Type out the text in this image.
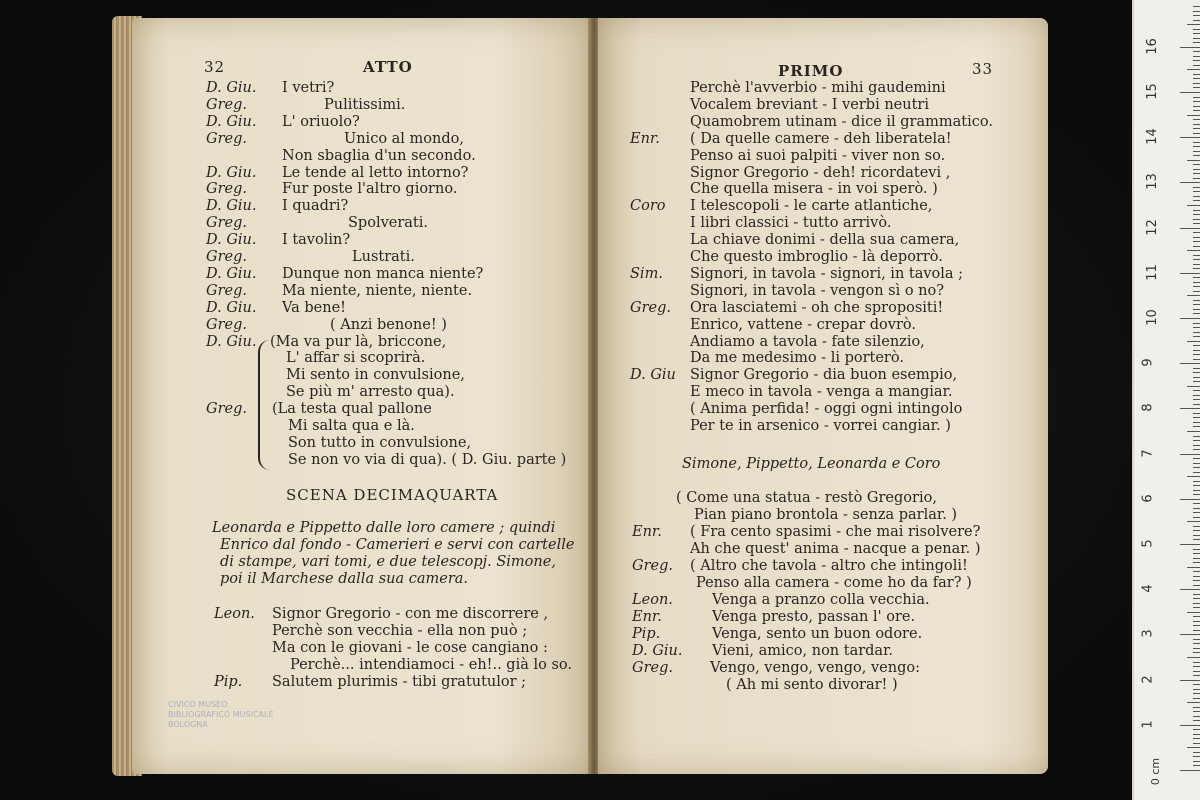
32	ATTO
D. Giu. I vetri?
Greg.	Pulitissimi.
D. Giu. L' oriuolo?
Greg.	Unico al mondo,
Non sbaglia d'un secondo.
D. Giu. Le tende al letto intorno?
Greg. Fur poste l'altro giorno.
D. Giu. I quadri?
Greg.	Spolverati.
D. Giu. I tavolin?
Greg.	Lustrati.
D. Giu. Dunque non manca niente?
Greg. Ma niente, niente, niente.
D. Giu. Va bene!
Greg.	( Anzi benone! )
D. Giu. (Ma va pur là, briccone,
L' affar si scoprirà.
Mi sento in convulsione,
Se più m' arresto qua).
Greg. (La testa qual pallone
Mi salta qua e là.
Son tutto in convulsione,
Se non vo via di qua). ( D. Giu. parte )
SCENA DECIMAQUARTA
Leonarda e Pippetto dalle loro camere ; quindi
Enrico dal fondo - Camerieri e servi con cartelle
di stampe, vari tomi, e due telescopj. Simone,
poi il Marchese dalla sua camera.
Leon. Signor Gregorio - con me discorrere ,
Perchè son vecchia - ella non può ;
Ma con le giovani - le cose cangiano :
Perchè... intendiamoci - eh!.. già lo so.
Pip. Salutem plurimis - tibi gratutulor ;
CIVICO MUSEO
BIBLIOGRAFICO MUSICALE
BOLOGNA
PRIMO	33
Perchè l'avverbio - mihi gaudemini
Vocalem breviant - I verbi neutri
Quamobrem utinam - dice il grammatico.
Enr. ( Da quelle camere - deh liberatela!
Penso ai suoi palpiti - viver non so.
Signor Gregorio - deh! ricordatevi ,
Che quella misera - in voi sperò. )
Coro I telescopoli - le carte atlantiche,
I libri classici - tutto arrivò.
La chiave donimi - della sua camera,
Che questo imbroglio - là deporrò.
Sim. Signori, in tavola - signori, in tavola ;
Signori, in tavola - vengon sì o no?
Greg. Ora lasciatemi - oh che spropositi!
Enrico, vattene - crepar dovrò.
Andiamo a tavola - fate silenzio,
Da me medesimo - li porterò.
D. Giu Signor Gregorio - dia buon esempio,
E meco in tavola - venga a mangiar.
( Anima perfida! - oggi ogni intingolo
Per te in arsenico - vorrei cangiar. )
Simone, Pippetto, Leonarda e Coro
( Come una statua - restò Gregorio,
Pian piano brontola - senza parlar. )
Enr. ( Fra cento spasimi - che mai risolvere?
Ah che quest' anima - nacque a penar. )
Greg. ( Altro che tavola - altro che intingoli!
Penso alla camera - come ho da far? )
Leon.	Venga a pranzo colla vecchia.
Enr.	Venga presto, passan l' ore.
Pip.	Venga, sento un buon odore.
D. Giu. Vieni, amico, non tardar.
Greg.	Vengo, vengo, vengo, vengo:
( Ah mi sento divorar! )
1
2
3
4
5
6
7
8
9
10
11
12
13
14
15
16
0 cm
